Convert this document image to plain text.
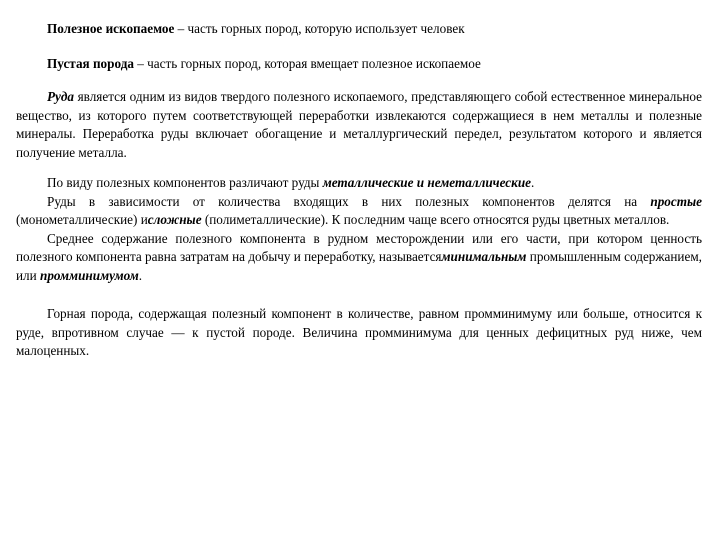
Полезное ископаемое – часть горных пород, которую использует человек

Пустая порода – часть горных пород, которая вмещает полезное ископаемое

Руда является одним из видов твердого полезного ископаемого, представляющего собой естественное минеральное вещество, из которого путем соответствующей переработки извлекаются содержащиеся в нем металлы и полезные минералы. Переработка руды включает обогащение и металлургический передел, результатом которого и является получение металла.

По виду полезных компонентов различают руды металлические и неметаллические.

Руды в зависимости от количества входящих в них полезных компонентов делятся на простые (монометаллические) исложные (полиметаллические). К последним чаще всего относятся руды цветных металлов.

Среднее содержание полезного компонента в рудном месторождении или его части, при котором ценность полезного компонента равна затратам на добычу и переработку, называетсяминимальным промышленным содержанием, или промминимумом.

Горная порода, содержащая полезный компонент в количестве, равном промминимуму или больше, относится к руде, впротивном случае — к пустой породе. Величина промминимума для ценных дефицитных руд ниже, чем малоценных.
